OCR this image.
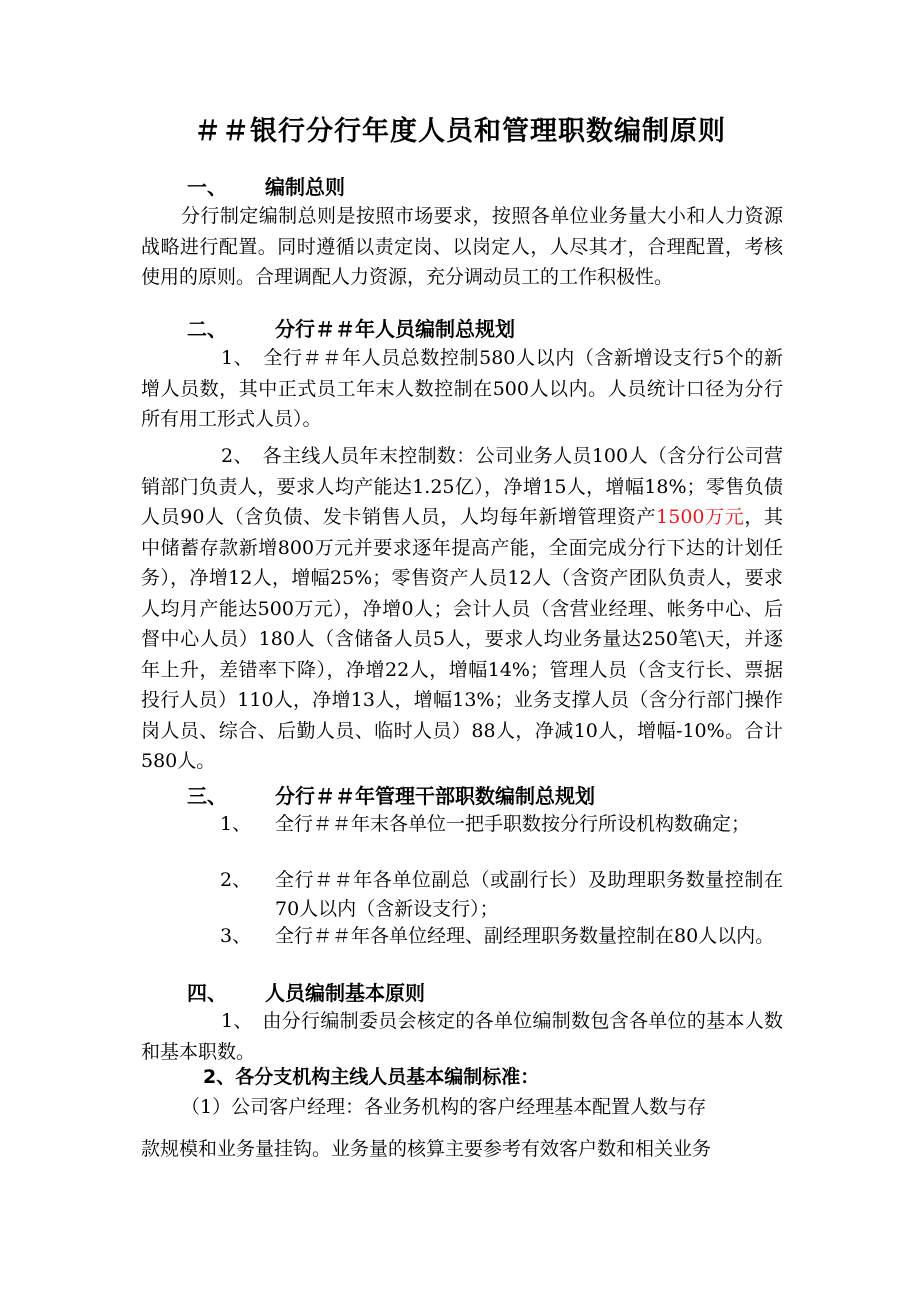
＃＃银行分行年度人员和管理职数编制原则
一、 编制总则

分行制定编制总则是按照市场要求，按照各单位业务量大小和人力资源战略进行配置。同时遵循以责定岗、以岗定人，人尽其才，合理配置，考核使用的原则。合理调配人力资源，充分调动员工的工作积极性。

二、 分行＃＃年人员编制总规划

1、　全行＃＃年人员总数控制580人以内（含新增设支行5个的新增人员数，其中正式员工年末人数控制在500人以内。人员统计口径为分行所有用工形式人员）。

2、　各主线人员年末控制数：公司业务人员100人（含分行公司营销部门负责人，要求人均产能达1.25亿），净增15人，增幅18%；零售负债人员90人（含负债、发卡销售人员，人均每年新增管理资产1500万元，其中储蓄存款新增800万元并要求逐年提高产能，全面完成分行下达的计划任务），净增12人，增幅25%；零售资产人员12人（含资产团队负责人，要求人均月产能达500万元），净增0人；会计人员（含营业经理、帐务中心、后督中心人员）180人（含储备人员5人，要求人均业务量达250笔\天，并逐年上升，差错率下降），净增22人，增幅14%；管理人员（含支行长、票据投行人员）110人，净增13人，增幅13%；业务支撑人员（含分行部门操作岗人员、综合、后勤人员、临时人员）88人，净减10人，增幅-10%。合计580人。

三、 分行＃＃年管理干部职数编制总规划
1、	全行＃＃年末各单位一把手职数按分行所设机构数确定；
2、	全行＃＃年各单位副总（或副行长）及助理职务数量控制在70人以内（含新设支行）；
3、	全行＃＃年各单位经理、副经理职务数量控制在80人以内。
四、 人员编制基本原则

1、　由分行编制委员会核定的各单位编制数包含各单位的基本人数和基本职数。

2、各分支机构主线人员基本编制标准：
（1）公司客户经理：各业务机构的客户经理基本配置人数与存
款规模和业务量挂钩。业务量的核算主要参考有效客户数和相关业务
